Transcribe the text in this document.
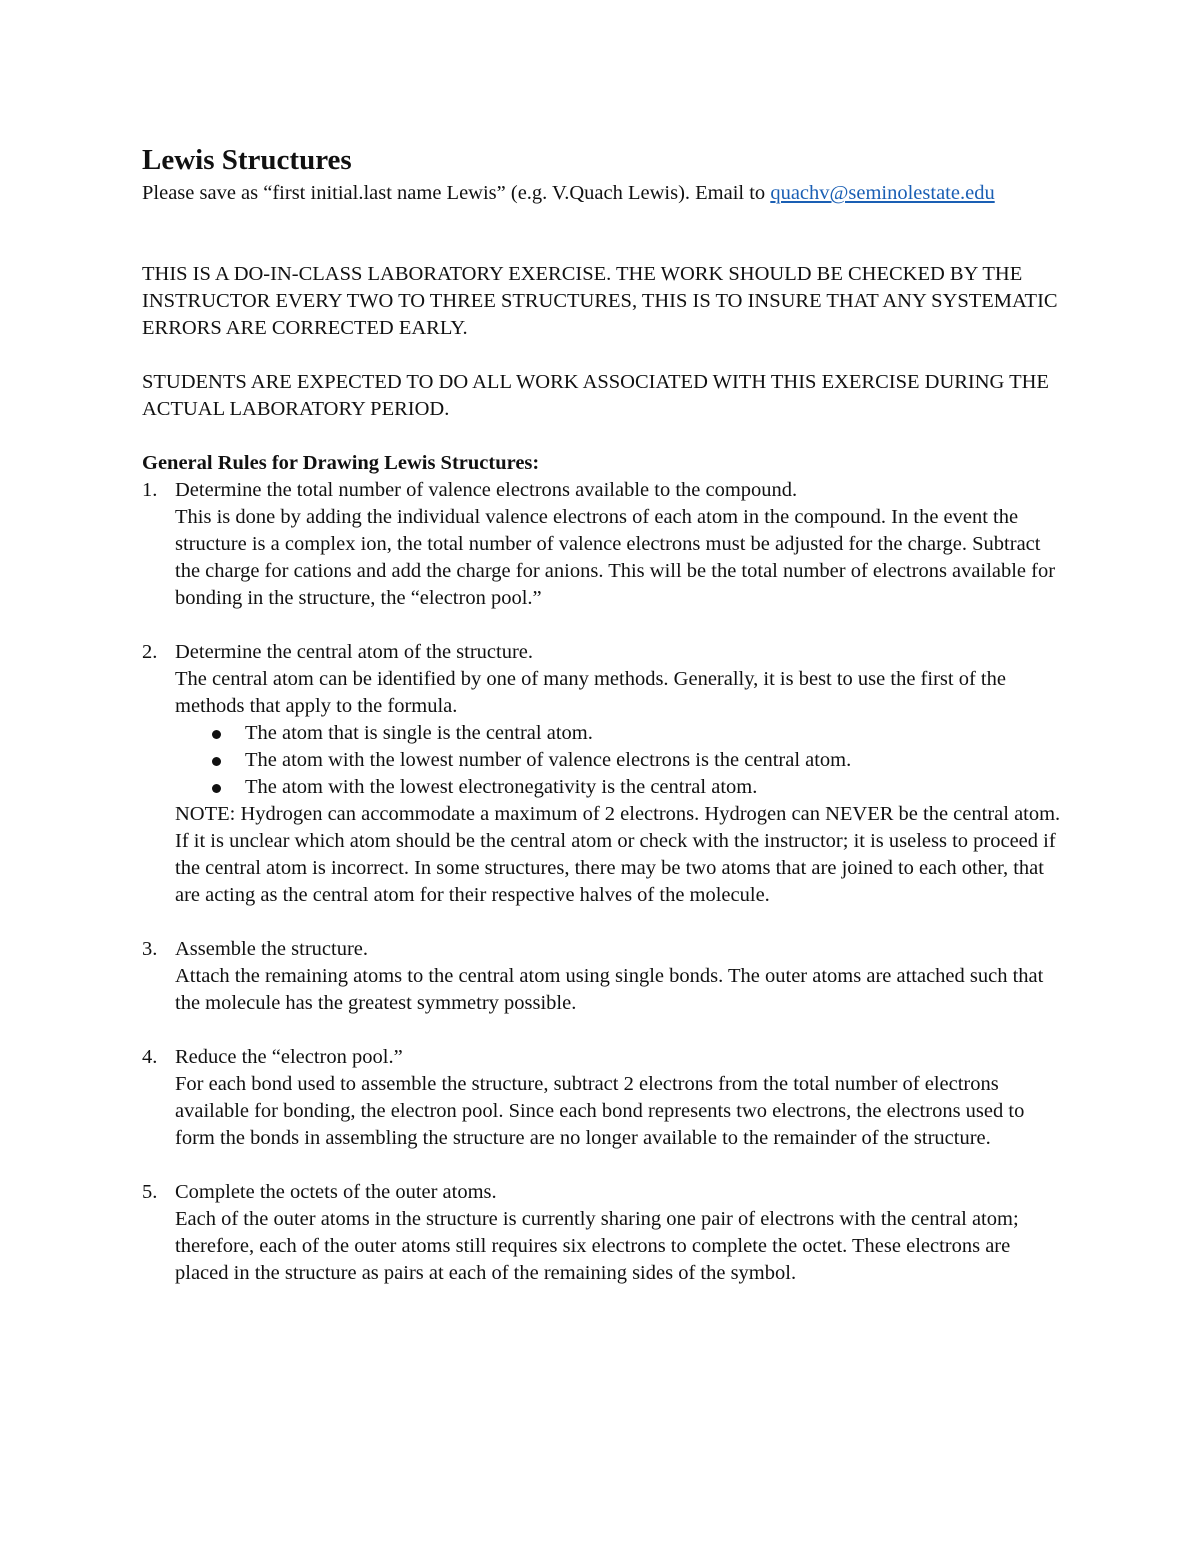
Lewis Structures

Please save as “first initial.last name Lewis” (e.g. V.Quach Lewis). Email to quachv@seminolestate.edu

THIS IS A DO-IN-CLASS LABORATORY EXERCISE. THE WORK SHOULD BE CHECKED BY THE INSTRUCTOR EVERY TWO TO THREE STRUCTURES, THIS IS TO INSURE THAT ANY SYSTEMATIC ERRORS ARE CORRECTED EARLY.

STUDENTS ARE EXPECTED TO DO ALL WORK ASSOCIATED WITH THIS EXERCISE DURING THE ACTUAL LABORATORY PERIOD.

General Rules for Drawing Lewis Structures:

1. Determine the total number of valence electrons available to the compound.
This is done by adding the individual valence electrons of each atom in the compound. In the event the structure is a complex ion, the total number of valence electrons must be adjusted for the charge. Subtract the charge for cations and add the charge for anions. This will be the total number of electrons available for bonding in the structure, the “electron pool.”
2. Determine the central atom of the structure.
The central atom can be identified by one of many methods. Generally, it is best to use the first of the methods that apply to the formula.
The atom that is single is the central atom.
The atom with the lowest number of valence electrons is the central atom.
The atom with the lowest electronegativity is the central atom.
NOTE: Hydrogen can accommodate a maximum of 2 electrons. Hydrogen can NEVER be the central atom. If it is unclear which atom should be the central atom or check with the instructor; it is useless to proceed if the central atom is incorrect. In some structures, there may be two atoms that are joined to each other, that are acting as the central atom for their respective halves of the molecule.
3. Assemble the structure.
Attach the remaining atoms to the central atom using single bonds. The outer atoms are attached such that the molecule has the greatest symmetry possible.
4. Reduce the “electron pool.”
For each bond used to assemble the structure, subtract 2 electrons from the total number of electrons available for bonding, the electron pool. Since each bond represents two electrons, the electrons used to form the bonds in assembling the structure are no longer available to the remainder of the structure.
5. Complete the octets of the outer atoms.
Each of the outer atoms in the structure is currently sharing one pair of electrons with the central atom; therefore, each of the outer atoms still requires six electrons to complete the octet. These electrons are placed in the structure as pairs at each of the remaining sides of the symbol.
